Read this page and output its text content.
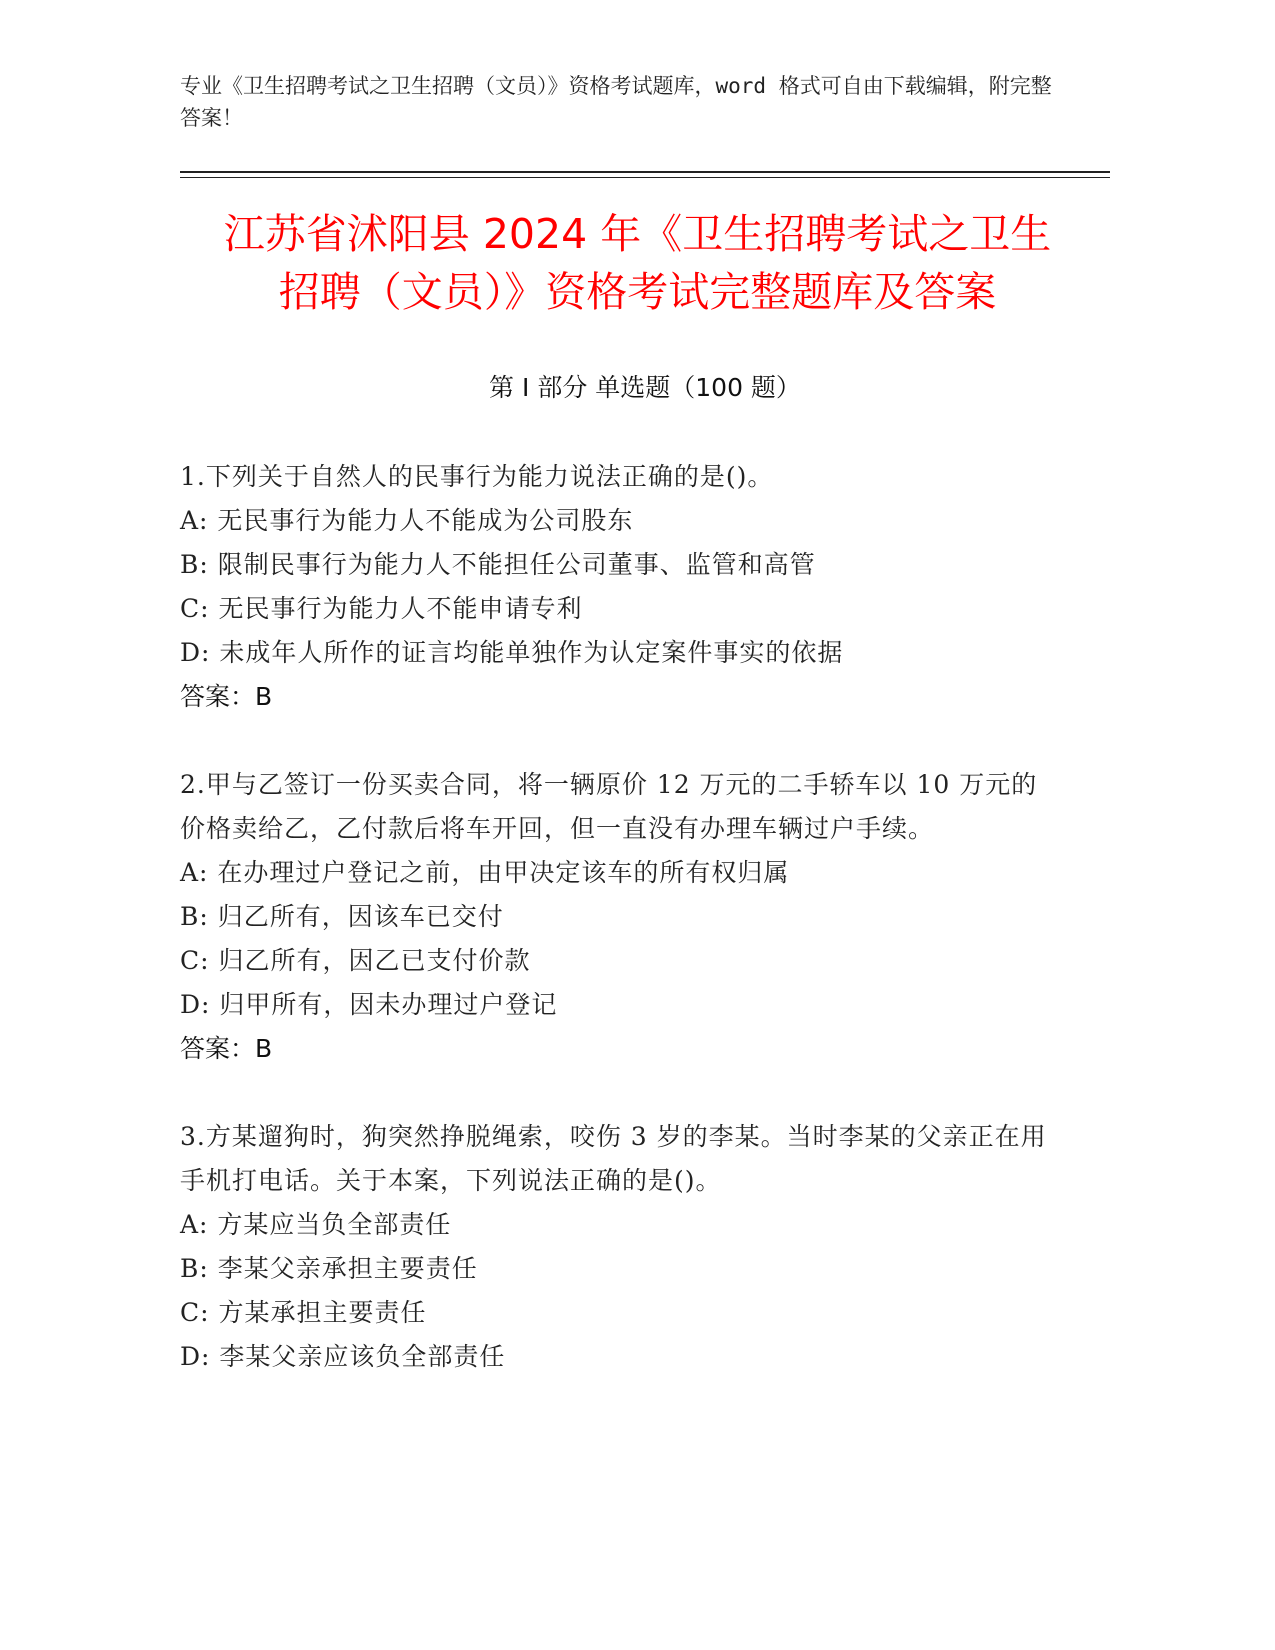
专业《卫生招聘考试之卫生招聘（文员）》资格考试题库，word 格式可自由下载编辑，附完整答案！
江苏省沭阳县 2024 年《卫生招聘考试之卫生
招聘（文员）》资格考试完整题库及答案
第 I 部分 单选题（100 题）
1.下列关于自然人的民事行为能力说法正确的是()。
A: 无民事行为能力人不能成为公司股东
B: 限制民事行为能力人不能担任公司董事、监管和高管
C: 无民事行为能力人不能申请专利
D: 未成年人所作的证言均能单独作为认定案件事实的依据
答案：B
2.甲与乙签订一份买卖合同，将一辆原价 12 万元的二手轿车以 10 万元的价格卖给乙，乙付款后将车开回，但一直没有办理车辆过户手续。
A: 在办理过户登记之前，由甲决定该车的所有权归属
B: 归乙所有，因该车已交付
C: 归乙所有，因乙已支付价款
D: 归甲所有，因未办理过户登记
答案：B
3.方某遛狗时，狗突然挣脱绳索，咬伤 3 岁的李某。当时李某的父亲正在用手机打电话。关于本案，下列说法正确的是()。
A: 方某应当负全部责任
B: 李某父亲承担主要责任
C: 方某承担主要责任
D: 李某父亲应该负全部责任
